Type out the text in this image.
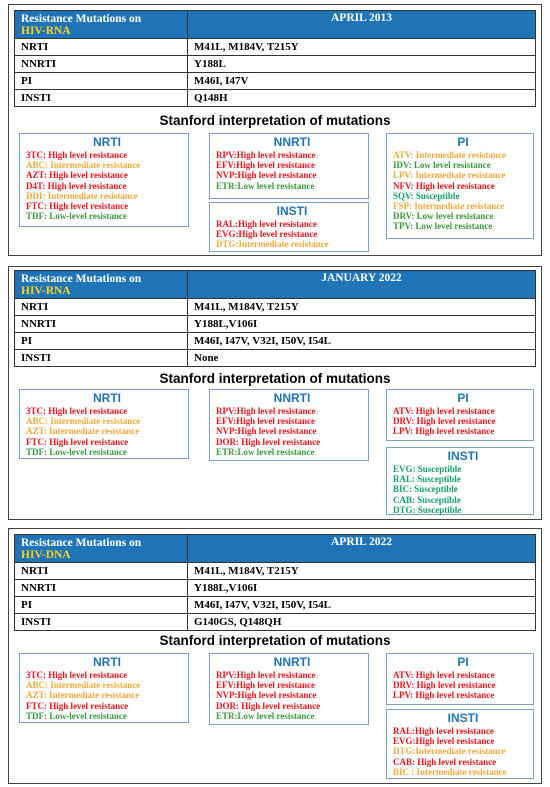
Resistance Mutations on
HIV-RNA	APRIL 2013
NRTI	M41L, M184V, T215Y
NNRTI	Y188L
PI	M46I, I47V
INSTI	Q148H
Stanford interpretation of mutations
NRTI
3TC: High level resistance
ABC: Intermediate resistance
AZT: High level resistance
D4T: High level resistance
DDI: Intermediate resistance
FTC: High level resistance
TDF: Low-level resistance
NNRTI
RPV:High level resistance
EFV:High level resistance
NVP:High level resistance
ETR:Low level resistance
INSTI
RAL:High level resistance
EVG:High level resistance
DTG:Intermediate resistance
PI
ATV: Intermediate resistance
IDV: Low level resistance
LPV: Intermediate resistance
NFV: High level resistance
SQV: Susceptible
FSP: Intermediate resistance
DRV: Low level resistance
TPV: Low level resistance
Resistance Mutations on
HIV-RNA	JANUARY 2022
NRTI	M41L, M184V, T215Y
NNRTI	Y188L,V106I
PI	M46I, I47V, V32I, I50V, I54L
INSTI	None
Stanford interpretation of mutations
NRTI
3TC: High level resistance
ABC: Intermediate resistance
AZT: Intermediate resistance
FTC: High level resistance
TDF: Low-level resistance
NNRTI
RPV:High level resistance
EFV:High level resistance
NVP:High level resistance
DOR: High level resistance
ETR:Low level resistance
PI
ATV: High level resistance
DRV: High level resistance
LPV: High level resistance
INSTI
EVG: Susceptible
RAL: Susceptible
BIC: Susceptible
CAB: Susceptible
DTG: Susceptible
Resistance Mutations on
HIV-DNA	APRIL 2022
NRTI	M41L, M184V, T215Y
NNRTI	Y188L,V106I
PI	M46I, I47V, V32I, I50V, I54L
INSTI	G140GS, Q148QH
Stanford interpretation of mutations
NRTI
3TC: High level resistance
ABC: Intermediate resistance
AZT: Intermediate resistance
FTC: High level resistance
TDF: Low-level resistance
NNRTI
RPV:High level resistance
EFV:High level resistance
NVP:High level resistance
DOR: High level resistance
ETR:Low level resistance
PI
ATV: High level resistance
DRV: High level resistance
LPV: High level resistance
INSTI
RAL:High level resistance
EVG:High level resistance
DTG:Intermediate resistance
CAB: High level resistance
BIC : Intermediate resistance
